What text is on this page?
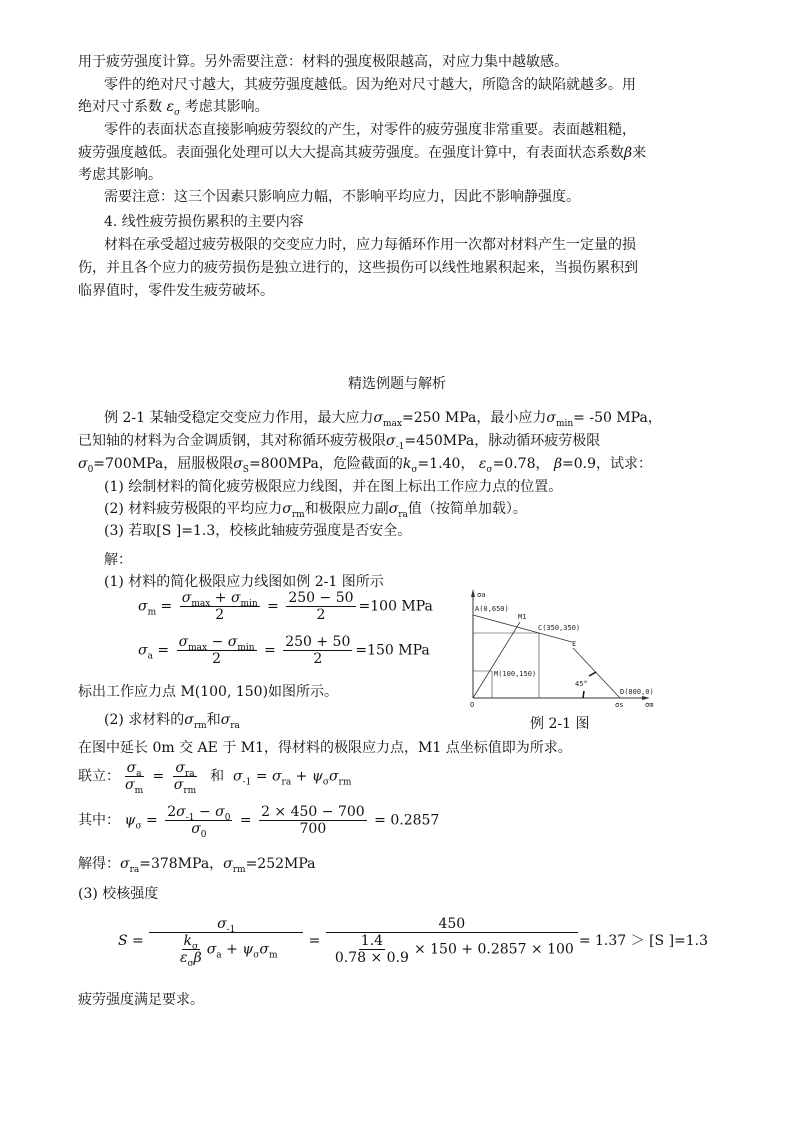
用于疲劳强度计算。另外需要注意：材料的强度极限越高，对应力集中越敏感。
零件的绝对尺寸越大，其疲劳强度越低。因为绝对尺寸越大，所隐含的缺陷就越多。用
绝对尺寸系数 $\varepsilon_\sigma$ 考虑其影响。
零件的表面状态直接影响疲劳裂纹的产生，对零件的疲劳强度非常重要。表面越粗糙，
疲劳强度越低。表面强化处理可以大大提高其疲劳强度。在强度计算中，有表面状态系数β来
考虑其影响。
需要注意：这三个因素只影响应力幅，不影响平均应力，因此不影响静强度。
4. 线性疲劳损伤累积的主要内容
材料在承受超过疲劳极限的交变应力时，应力每循环作用一次都对材料产生一定量的损
伤，并且各个应力的疲劳损伤是独立进行的，这些损伤可以线性地累积起来，当损伤累积到
临界值时，零件发生疲劳破坏。
精选例题与解析
例 2-1 某轴受稳定交变应力作用，最大应力$\sigma_{max}=250$ MPa，最小应力$\sigma_{min}= -50$ MPa，
已知轴的材料为合金调质钢，其对称循环疲劳极限$\sigma_{-1}=450MPa$，脉动循环疲劳极限
$\sigma_0=700MPa$，屈服极限$\sigma_S=800MPa$，危险截面的$k_\sigma=1.40$， $\varepsilon_\sigma=0.78$， β=0.9，试求：
(1) 绘制材料的简化疲劳极限应力线图，并在图上标出工作应力点的位置。
(2) 材料疲劳极限的平均应力$\sigma_{rm}$和极限应力副$\sigma_{ra}$值（按简单加载）。
(3) 若取[S ]=1.3，校核此轴疲劳强度是否安全。
解：
(1) 材料的简化极限应力线图如例 2-1 图所示
$\sigma_m = \frac{\sigma_{max} + \sigma_{min}}{2} = \frac{250 - 50}{2} =100$ MPa
$\sigma_a = \frac{\sigma_{max} - \sigma_{min}}{2} = \frac{250 + 50}{2} =150$ MPa
标出工作应力点 M(100, 150)如图所示。
(2) 求材料的$\sigma_{rm}$和$\sigma_{ra}$
在图中延长 0m 交 AE 于 M1，得材料的极限应力点，M1 点坐标值即为所求。
联立： $\frac{\sigma_a}{\sigma_m} = \frac{\sigma_{ra}}{\sigma_{rm}}$ 和 $\sigma_{-1} = \sigma_{ra} + \psi_\sigma\sigma_{rm}$
其中： $\psi_\sigma = \frac{2\sigma_{-1} - \sigma_0}{\sigma_0} = \frac{2 \times 450 - 700}{700} = 0.2857$
解得：$\sigma_{ra}=378MPa$，$\sigma_{rm}=252MPa$
(3) 校核强度
$S = \frac{\sigma_{-1}}{\frac{k_\sigma}{\varepsilon_\sigma\beta} \sigma_a + \psi_\sigma\sigma_m} = \frac{450}{\frac{1.4}{0.78 \times 0.9} \times 150 + 0.2857 \times 100} = 1.37 > [S$ ]=1.3
疲劳强度满足要求。
σa
A(0,650)
M1
C(350,350)
E
M(100,150)
45°
D(800,0)
O	σs	σm
例 2-1 图
